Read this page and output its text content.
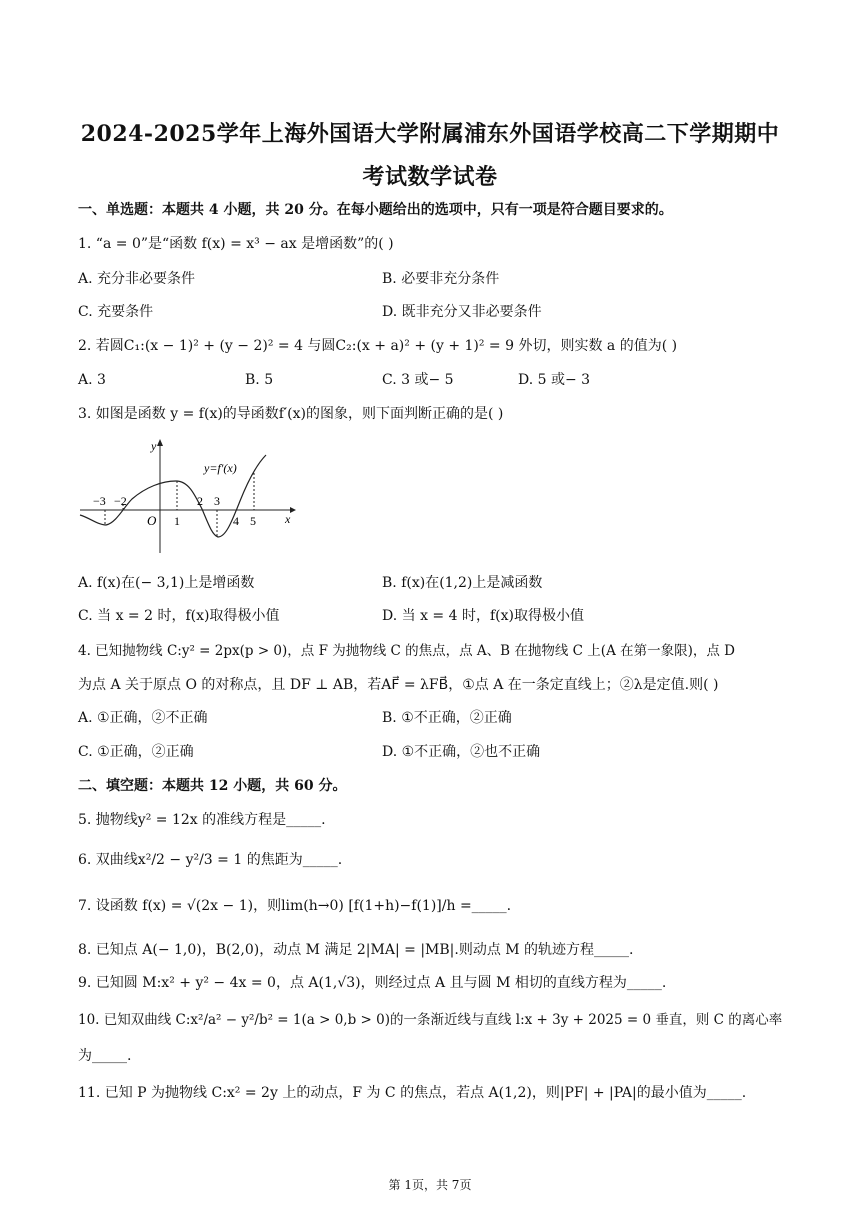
2024-2025学年上海外国语大学附属浦东外国语学校高二下学期期中
考试数学试卷
一、单选题：本题共 4 小题，共 20 分。在每小题给出的选项中，只有一项是符合题目要求的。
1. “a = 0”是“函数 f(x) = x³ − ax 是增函数”的( )
A. 充分非必要条件	B. 必要非充分条件
C. 充要条件	D. 既非充分又非必要条件
2. 若圆C₁:(x − 1)² + (y − 2)² = 4 与圆C₂:(x + a)² + (y + 1)² = 9 外切，则实数 a 的值为( )
A. 3	B. 5	C. 3 或− 5	D. 5 或− 3
3. 如图是函数 y = f(x)的导函数f′(x)的图象，则下面判断正确的是( )
y
x
O
y=f′(x)
−3 −2
1
2 3
4 5
A. f(x)在(− 3,1)上是增函数	B. f(x)在(1,2)上是减函数
C. 当 x = 2 时，f(x)取得极小值	D. 当 x = 4 时，f(x)取得极小值
4. 已知抛物线 C:y² = 2px(p > 0)，点 F 为抛物线 C 的焦点，点 A、B 在抛物线 C 上(A 在第一象限)，点 D
为点 A 关于原点 O 的对称点，且 DF ⊥ AB，若AF⃗ = λFB⃗，①点 A 在一条定直线上；②λ是定值.则( )
A. ①正确，②不正确	B. ①不正确，②正确
C. ①正确，②正确	D. ①不正确，②也不正确
二、填空题：本题共 12 小题，共 60 分。
5. 抛物线y² = 12x 的准线方程是_____.
6. 双曲线x²/2 − y²/3 = 1 的焦距为_____.
7. 设函数 f(x) = √(2x − 1)，则lim(h→0) [f(1+h)−f(1)]/h =_____.
8. 已知点 A(− 1,0)，B(2,0)，动点 M 满足 2|MA| = |MB|.则动点 M 的轨迹方程_____.
9. 已知圆 M:x² + y² − 4x = 0，点 A(1,√3)，则经过点 A 且与圆 M 相切的直线方程为_____.
10. 已知双曲线 C:x²/a² − y²/b² = 1(a > 0,b > 0)的一条渐近线与直线 l:x + 3y + 2025 = 0 垂直，则 C 的离心率
为_____.
11. 已知 P 为抛物线 C:x² = 2y 上的动点，F 为 C 的焦点，若点 A(1,2)，则|PF| + |PA|的最小值为_____.
第 1页，共 7页
